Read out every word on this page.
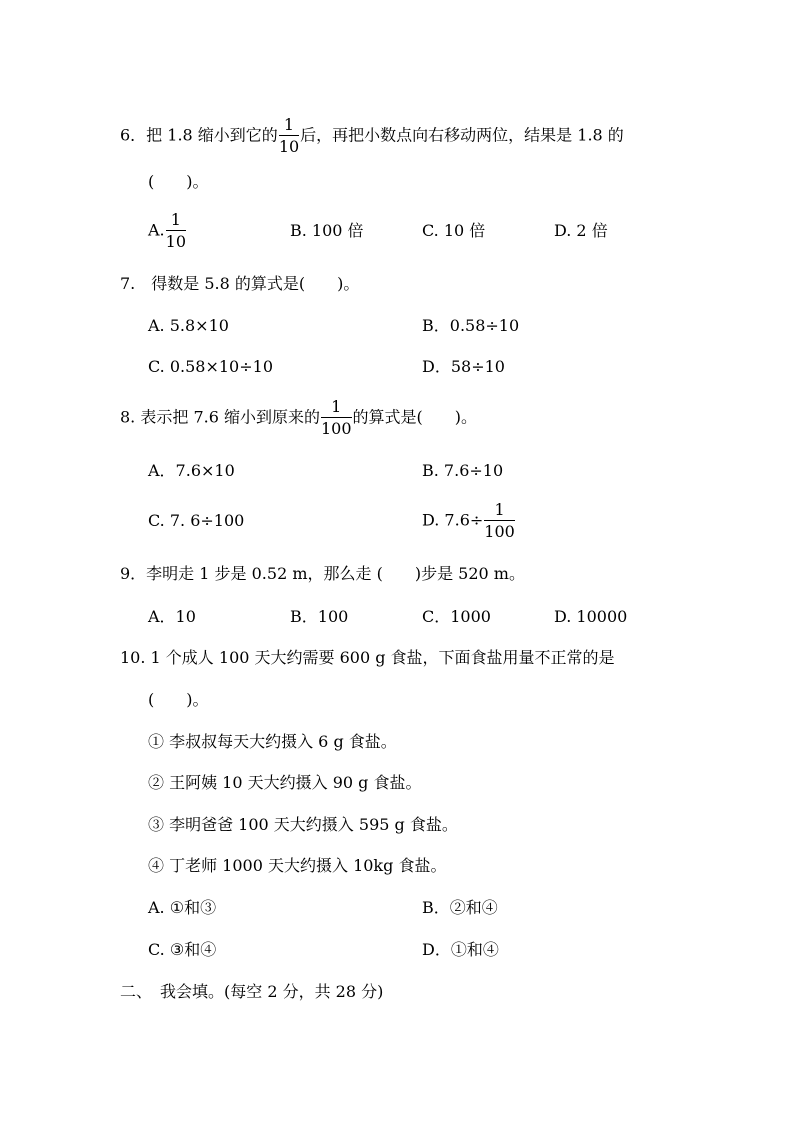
6．把 1.8 缩小到它的 $\frac{1}{10}$ 后，再把小数点向右移动两位，结果是 1.8 的
(　　)。
A. $\frac{1}{10}$	B. 100 倍	C. 10 倍	D. 2 倍
7.　得数是 5.8 的算式是(　　)。
A. 5.8×10	B．0.58÷10
C. 0.58×10÷10	D．58÷10
8. 表示把 7.6 缩小到原来的 $\frac{1}{100}$ 的算式是(　　)。
A．7.6×10	B. 7.6÷10
C. 7. 6÷100	D. $7.6\div \frac{1}{100}$
9．李明走 1 步是 0.52 m，那么走 (　　)步是 520 m。
A．10	B．100	C．1000	D. 10000
10. 1 个成人 100 天大约需要 600 g 食盐，下面食盐用量不正常的是
(　　)。
① 李叔叔每天大约摄入 6 g 食盐。
② 王阿姨 10 天大约摄入 90 g 食盐。
③ 李明爸爸 100 天大约摄入 595 g 食盐。
④ 丁老师 1000 天大约摄入 10kg 食盐。
A. ①和③	B．②和④
C. ③和④	D．①和④
二、　我会填。(每空 2 分，共 28 分)
